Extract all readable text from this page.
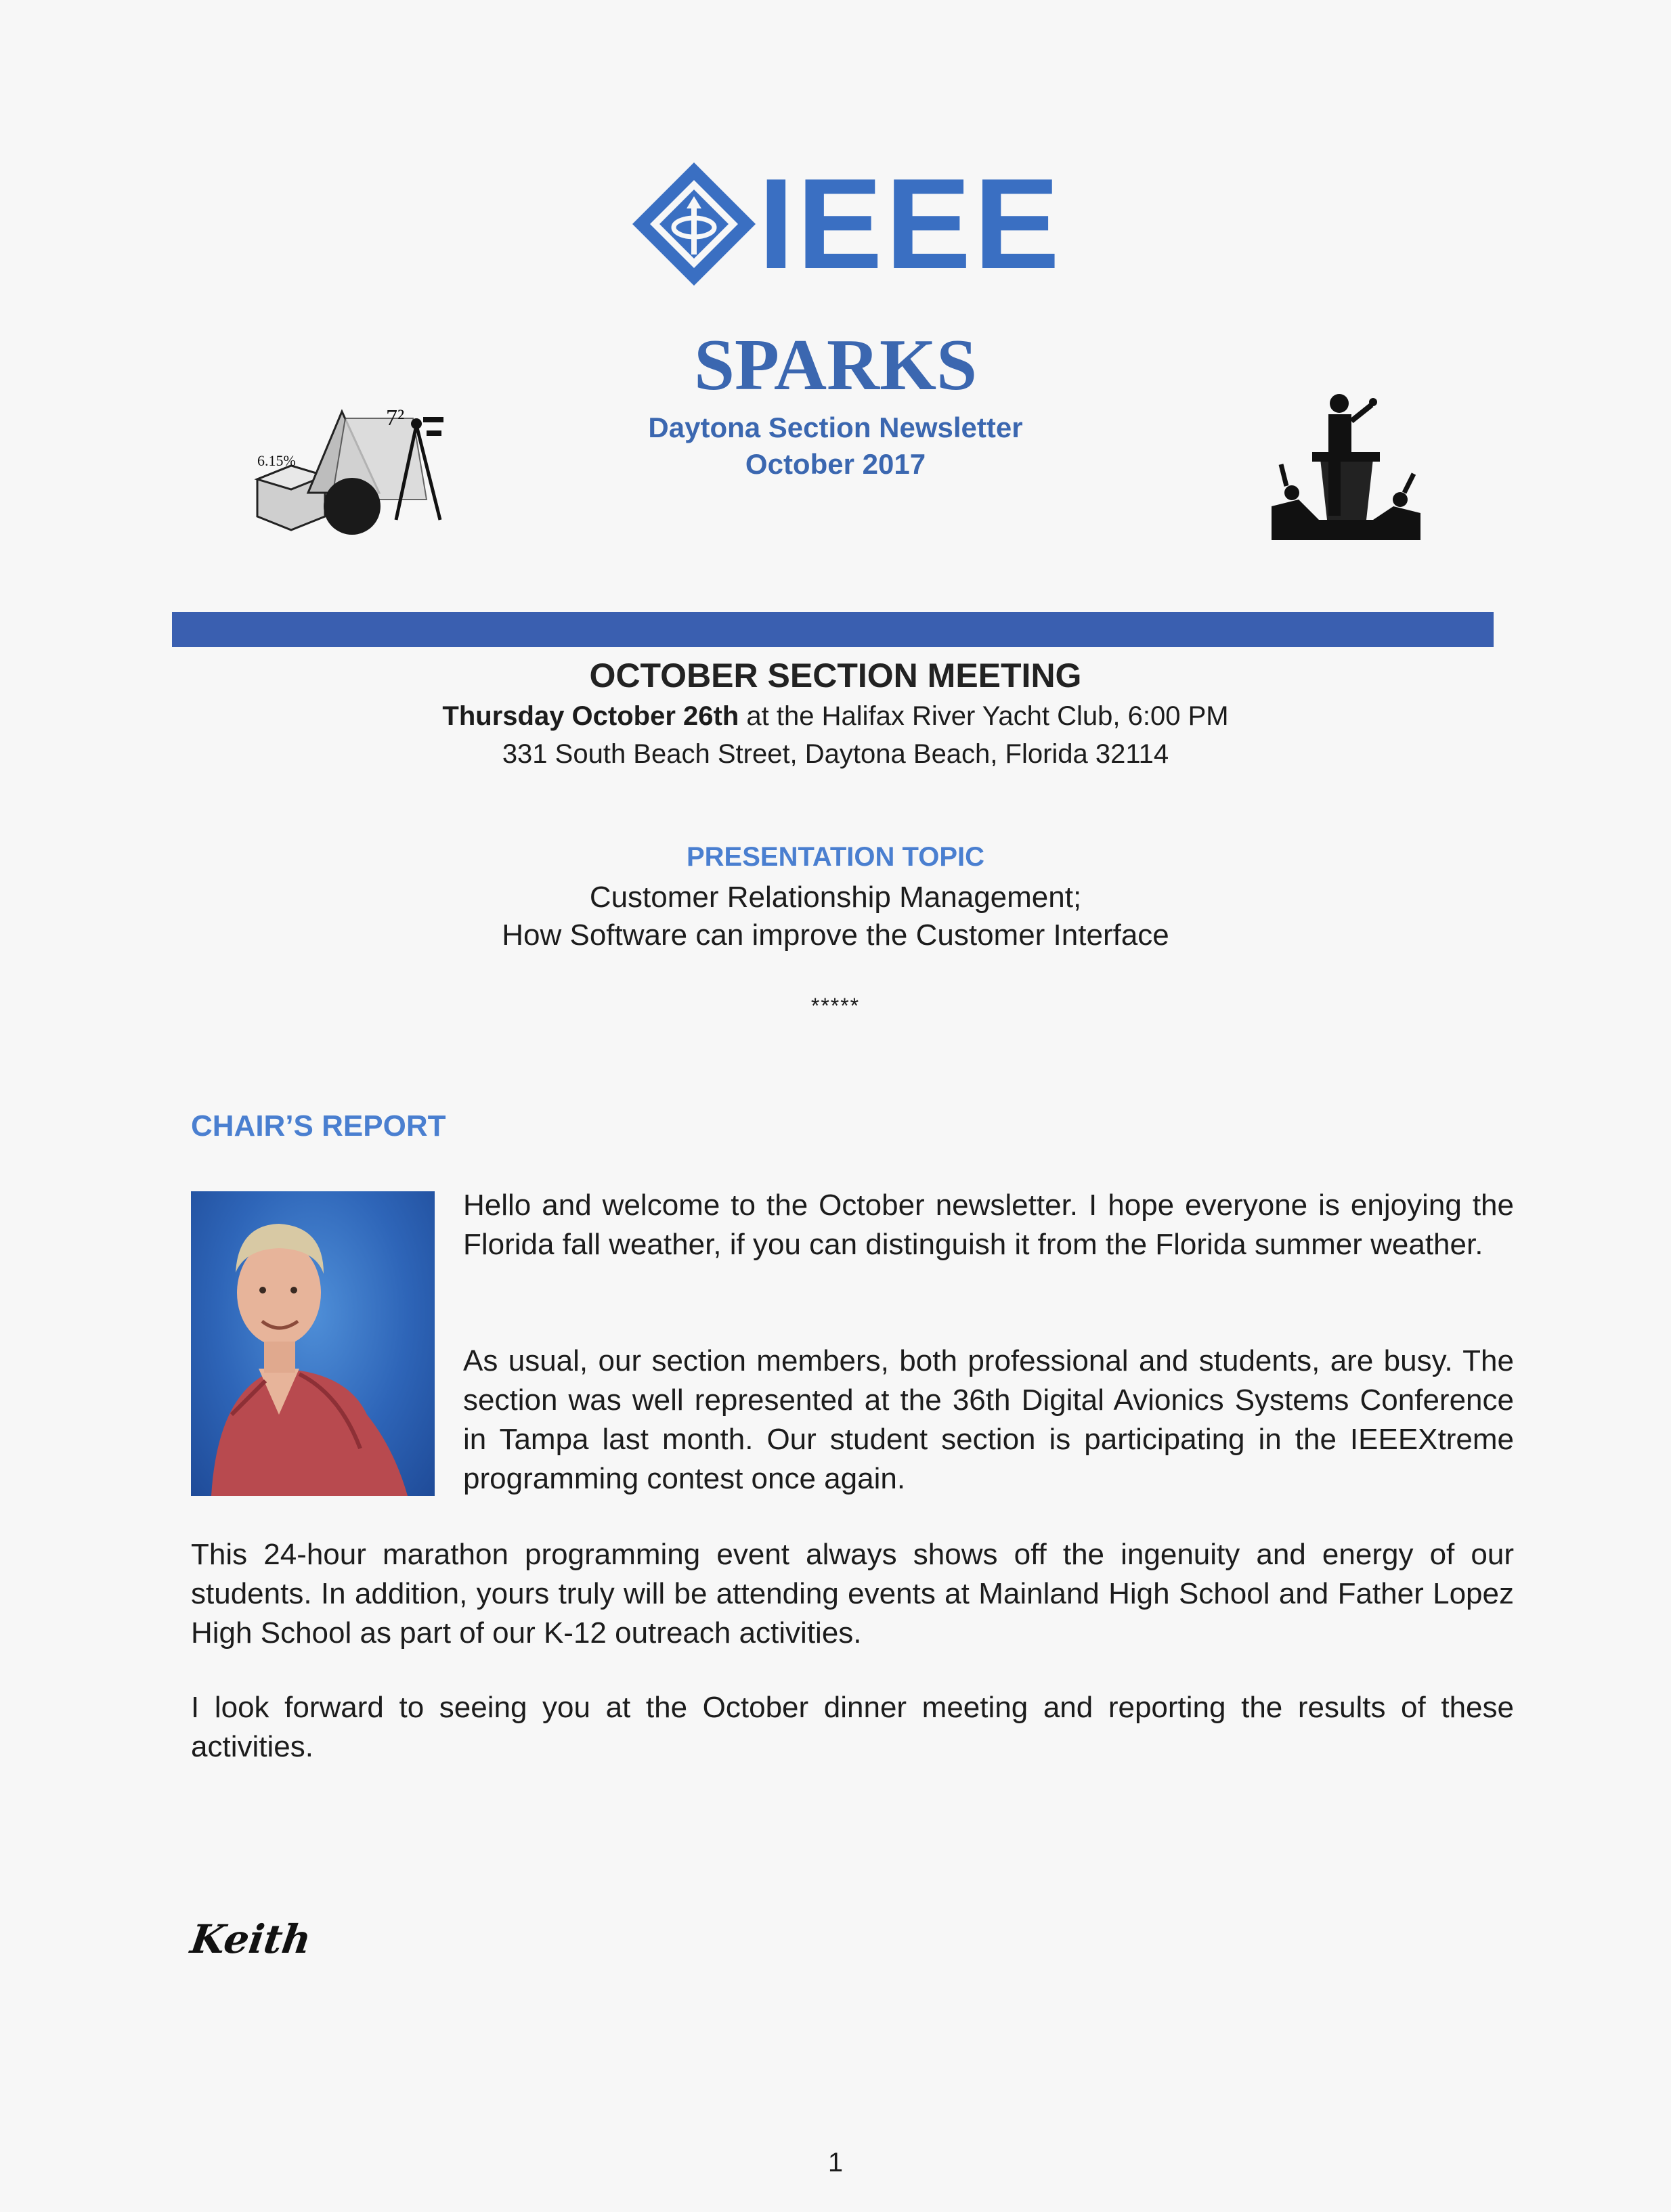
IEEE
SPARKS
Daytona Section Newsletter
October 2017
6.15%
7²
OCTOBER SECTION MEETING
Thursday October 26th at the Halifax River Yacht Club, 6:00 PM
331 South Beach Street, Daytona Beach, Florida 32114
PRESENTATION TOPIC
Customer Relationship Management;
How Software can improve the Customer Interface
*****
CHAIR’S REPORT
Hello and welcome to the October newsletter. I hope everyone is enjoying the Florida fall weather, if you can distinguish it from the Florida summer weather.
As usual, our section members, both professional and students, are busy. The section was well represented at the 36th Digital Avionics Systems Conference in Tampa last month. Our student section is participating in the IEEEXtreme programming contest once again.
This 24-hour marathon programming event always shows off the ingenuity and energy of our students. In addition, yours truly will be attending events at Mainland High School and Father Lopez High School as part of our K-12 outreach activities.
I look forward to seeing you at the October dinner meeting and reporting the results of these activities.
Keith
1
